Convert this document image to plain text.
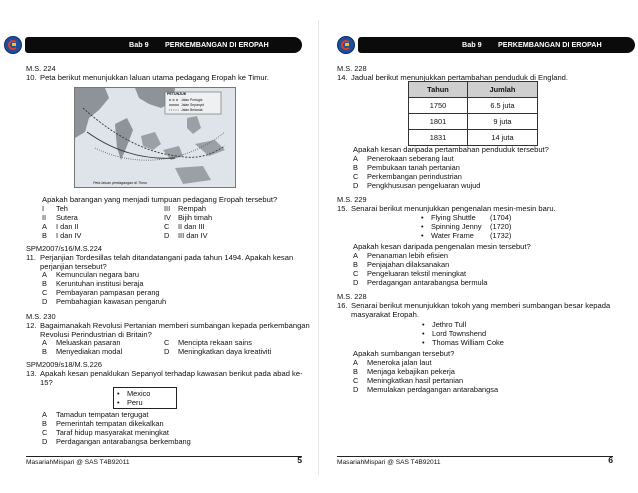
Bab 9 PERKEMBANGAN DI EROPAH
M.S. 224
10. Peta berikut menunjukkan laluan utama pedagang Eropah ke Timur.
PETUNJUK
Jalan Portugis
Jalan Sepanyol
Jalan Belanda
Peta laluan perdagangan di Timur
Apakah barangan yang menjadi tumpuan pedagang Eropah tersebut?
I Teh
II Sutera
III Rempah
IV Bijih timah
A I dan II
B I dan IV
C II dan III
D III dan IV
SPM2007/s16/M.S.224
11. Perjanjian Tordesillas telah ditandatangani pada tahun 1494. Apakah kesan
perjanjian tersebut?
A Kemunculan negara baru
B Keruntuhan institusi beraja
C Pembayaran pampasan perang
D Pembahagian kawasan pengaruh
M.S. 230
12. Bagaimanakah Revolusi Pertanian memberi sumbangan kepada perkembangan
Revolusi Perindustrian di Britain?
A Meluaskan pasaran
B Menyediakan modal
C Mencipta rekaan sains
D Meningkatkan daya kreativiti
SPM2009/s18/M.S.226
13. Apakah kesan penaklukan Sepanyol terhadap kawasan berikut pada abad ke-
15?
• Mexico
• Peru
A Tamadun tempatan tergugat
B Pemerintah tempatan dikekalkan
C Taraf hidup masyarakat meningkat
D Perdagangan antarabangsa berkembang
MasariahMispari @ SAS T4B92011	5
Bab 9 PERKEMBANGAN DI EROPAH
M.S. 228
14. Jadual berikut menunjukkan pertambahan penduduk di England.
Tahun	Jumlah
1750	6.5 juta
1801	9 juta
1831	14 juta
Apakah kesan daripada pertambahan penduduk tersebut?
A Penerokaan seberang laut
B Pembukaan tanah pertanian
C Perkembangan perindustrian
D Pengkhususan pengeluaran wujud
M.S. 229
15. Senarai berikut menunjukkan pengenalan mesin-mesin baru.
• Flying Shuttle (1704)
• Spinning Jenny (1720)
• Water Frame (1732)
Apakah kesan daripada pengenalan mesin tersebut?
A Penanaman lebih efisien
B Penjajahan dilaksanakan
C Pengeluaran tekstil meningkat
D Perdagangan antarabangsa bermula
M.S. 228
16. Senarai berikut menunjukkan tokoh yang memberi sumbangan besar kepada
masyarakat Eropah.
• Jethro Tull
• Lord Townshend
• Thomas William Coke
Apakah sumbangan tersebut?
A Meneroka jalan laut
B Menjaga kebajikan pekerja
C Meningkatkan hasil pertanian
D Memulakan perdagangan antarabangsa
MasariahMispari @ SAS T4B92011	6
